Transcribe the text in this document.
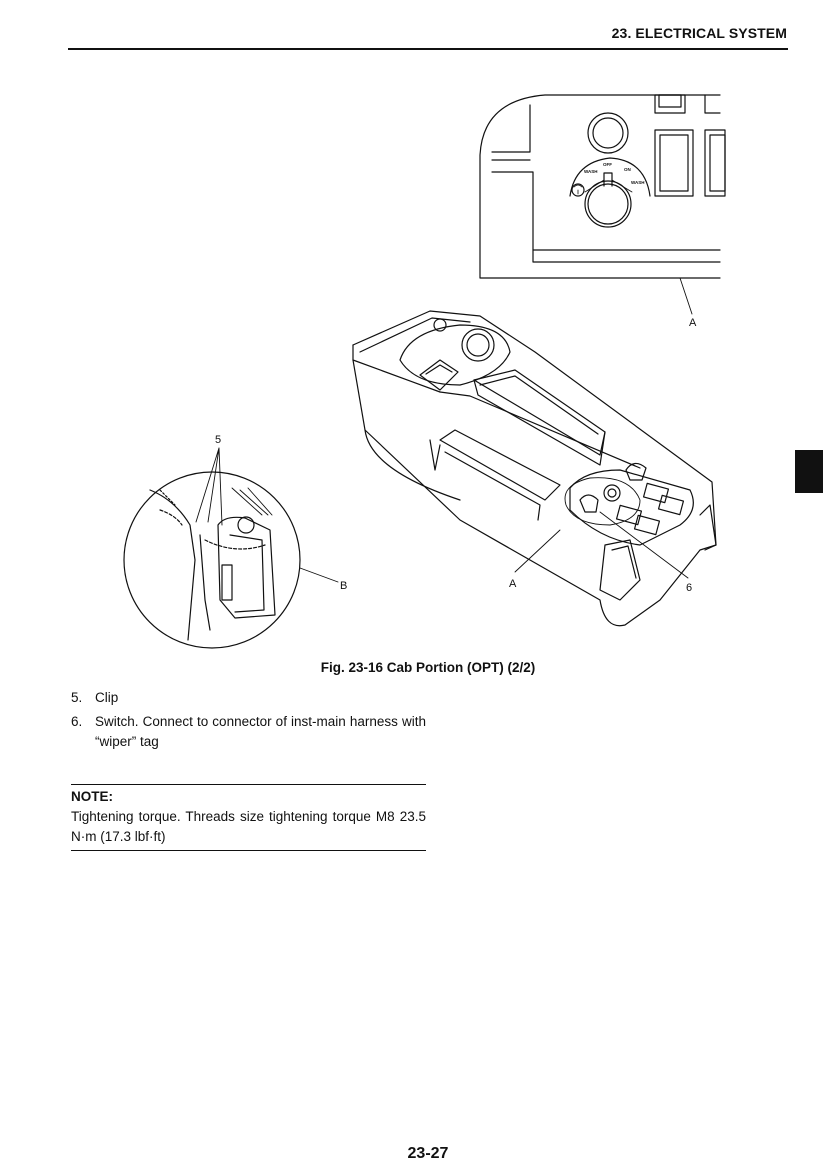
23. ELECTRICAL SYSTEM
A
A
B
5
6
WASH
OFF
ON
WASH
Fig. 23-16 Cab Portion (OPT) (2/2)
5. Clip
6. Switch. Connect to connector of inst-main harness with “wiper” tag
NOTE:
Tightening torque. Threads size tightening torque M8 23.5 N·m (17.3 lbf·ft)
23-27
